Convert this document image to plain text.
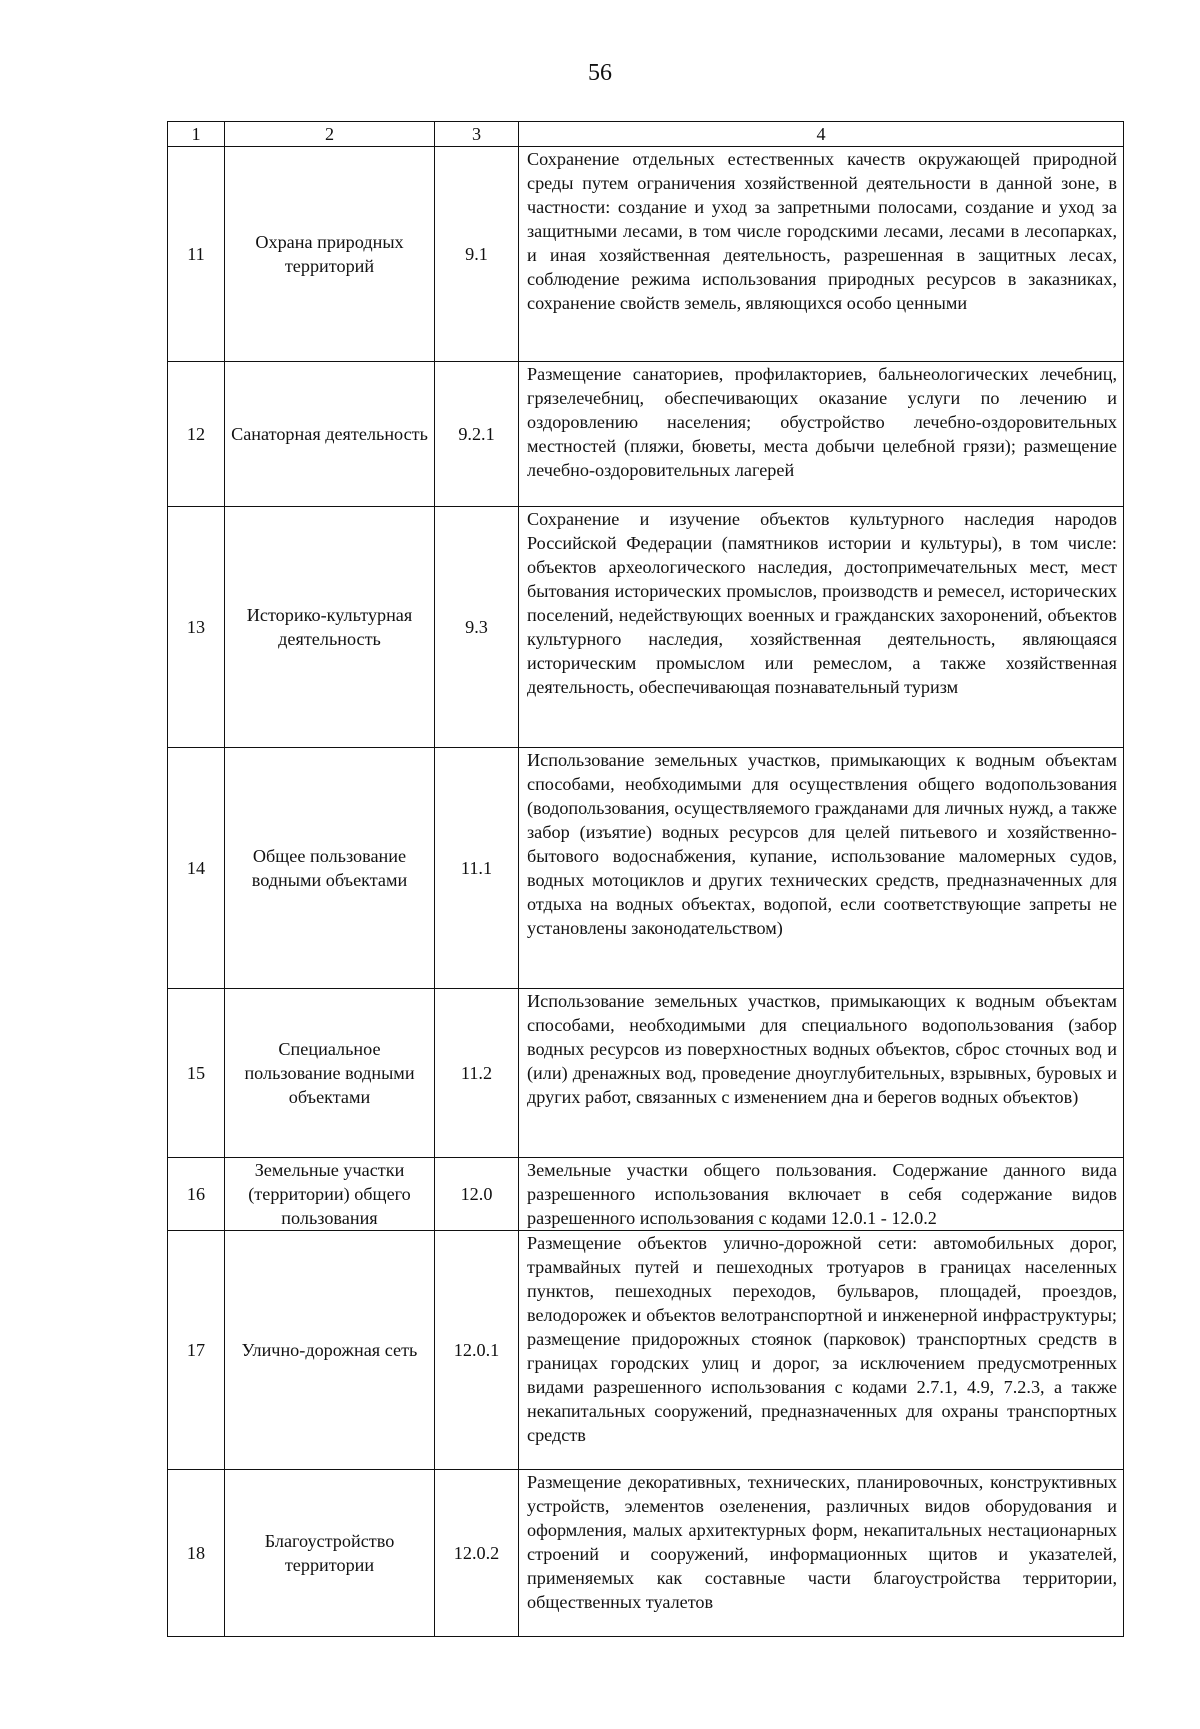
56
1	2	3	4
11	Охрана природных территорий	9.1	Сохранение отдельных естественных качеств окружающей природной среды путем ограничения хозяйственной деятельности в данной зоне, в частности: создание и уход за запретными полосами, создание и уход за защитными лесами, в том числе городскими лесами, лесами в лесопарках, и иная хозяйственная деятельность, разрешенная в защитных лесах, соблюдение режима использования природных ресурсов в заказниках, сохранение свойств земель, являющихся особо ценными
12	Санаторная деятельность	9.2.1	Размещение санаториев, профилакториев, бальнеологических лечебниц, грязелечебниц, обеспечивающих оказание услуги по лечению и оздоровлению населения; обустройство лечебно-оздоровительных местностей (пляжи, бюветы, места добычи целебной грязи); размещение лечебно-оздоровительных лагерей
13	Историко-культурная деятельность	9.3	Сохранение и изучение объектов культурного наследия народов Российской Федерации (памятников истории и культуры), в том числе: объектов археологического наследия, достопримечательных мест, мест бытования исторических промыслов, производств и ремесел, исторических поселений, недействующих военных и гражданских захоронений, объектов культурного наследия, хозяйственная деятельность, являющаяся историческим промыслом или ремеслом, а также хозяйственная деятельность, обеспечивающая познавательный туризм
14	Общее пользование водными объектами	11.1	Использование земельных участков, примыкающих к водным объектам способами, необходимыми для осуществления общего водопользования (водопользования, осуществляемого гражданами для личных нужд, а также забор (изъятие) водных ресурсов для целей питьевого и хозяйственно-бытового водоснабжения, купание, использование маломерных судов, водных мотоциклов и других технических средств, предназначенных для отдыха на водных объектах, водопой, если соответствующие запреты не установлены законодательством)
15	Специальное пользование водными объектами	11.2	Использование земельных участков, примыкающих к водным объектам способами, необходимыми для специального водопользования (забор водных ресурсов из поверхностных водных объектов, сброс сточных вод и (или) дренажных вод, проведение дноуглубительных, взрывных, буровых и других работ, связанных с изменением дна и берегов водных объектов)
16	Земельные участки (территории) общего пользования	12.0	Земельные участки общего пользования. Содержание данного вида разрешенного использования включает в себя содержание видов разрешенного использования с кодами 12.0.1 - 12.0.2
17	Улично-дорожная сеть	12.0.1	Размещение объектов улично-дорожной сети: автомобильных дорог, трамвайных путей и пешеходных тротуаров в границах населенных пунктов, пешеходных переходов, бульваров, площадей, проездов, велодорожек и объектов велотранспортной и инженерной инфраструктуры; размещение придорожных стоянок (парковок) транспортных средств в границах городских улиц и дорог, за исключением предусмотренных видами разрешенного использования с кодами 2.7.1, 4.9, 7.2.3, а также некапитальных сооружений, предназначенных для охраны транспортных средств
18	Благоустройство территории	12.0.2	Размещение декоративных, технических, планировочных, конструктивных устройств, элементов озеленения, различных видов оборудования и оформления, малых архитектурных форм, некапитальных нестационарных строений и сооружений, информационных щитов и указателей, применяемых как составные части благоустройства территории, общественных туалетов
